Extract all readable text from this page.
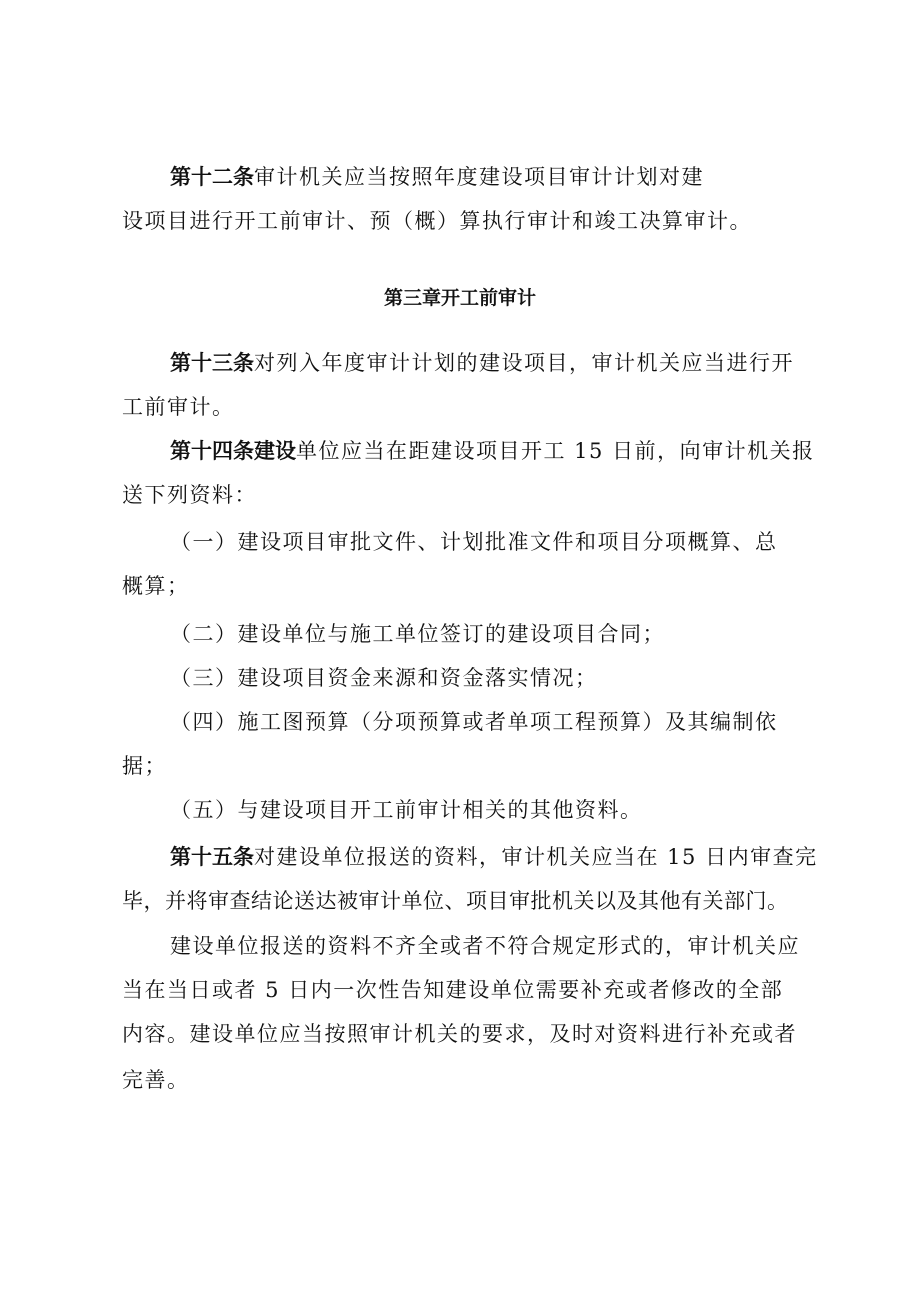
第十二条审计机关应当按照年度建设项目审计计划对建
设项目进行开工前审计、预（概）算执行审计和竣工决算审计。
第三章开工前审计
第十三条对列入年度审计计划的建设项目，审计机关应当进行开
工前审计。
第十四条建设单位应当在距建设项目开工 15 日前，向审计机关报
送下列资料：
（一）建设项目审批文件、计划批准文件和项目分项概算、总
概算；
（二）建设单位与施工单位签订的建设项目合同；
（三）建设项目资金来源和资金落实情况；
（四）施工图预算（分项预算或者单项工程预算）及其编制依
据；
（五）与建设项目开工前审计相关的其他资料。
第十五条对建设单位报送的资料，审计机关应当在 15 日内审查完
毕，并将审查结论送达被审计单位、项目审批机关以及其他有关部门。
建设单位报送的资料不齐全或者不符合规定形式的，审计机关应
当在当日或者 5 日内一次性告知建设单位需要补充或者修改的全部
内容。建设单位应当按照审计机关的要求，及时对资料进行补充或者
完善。
